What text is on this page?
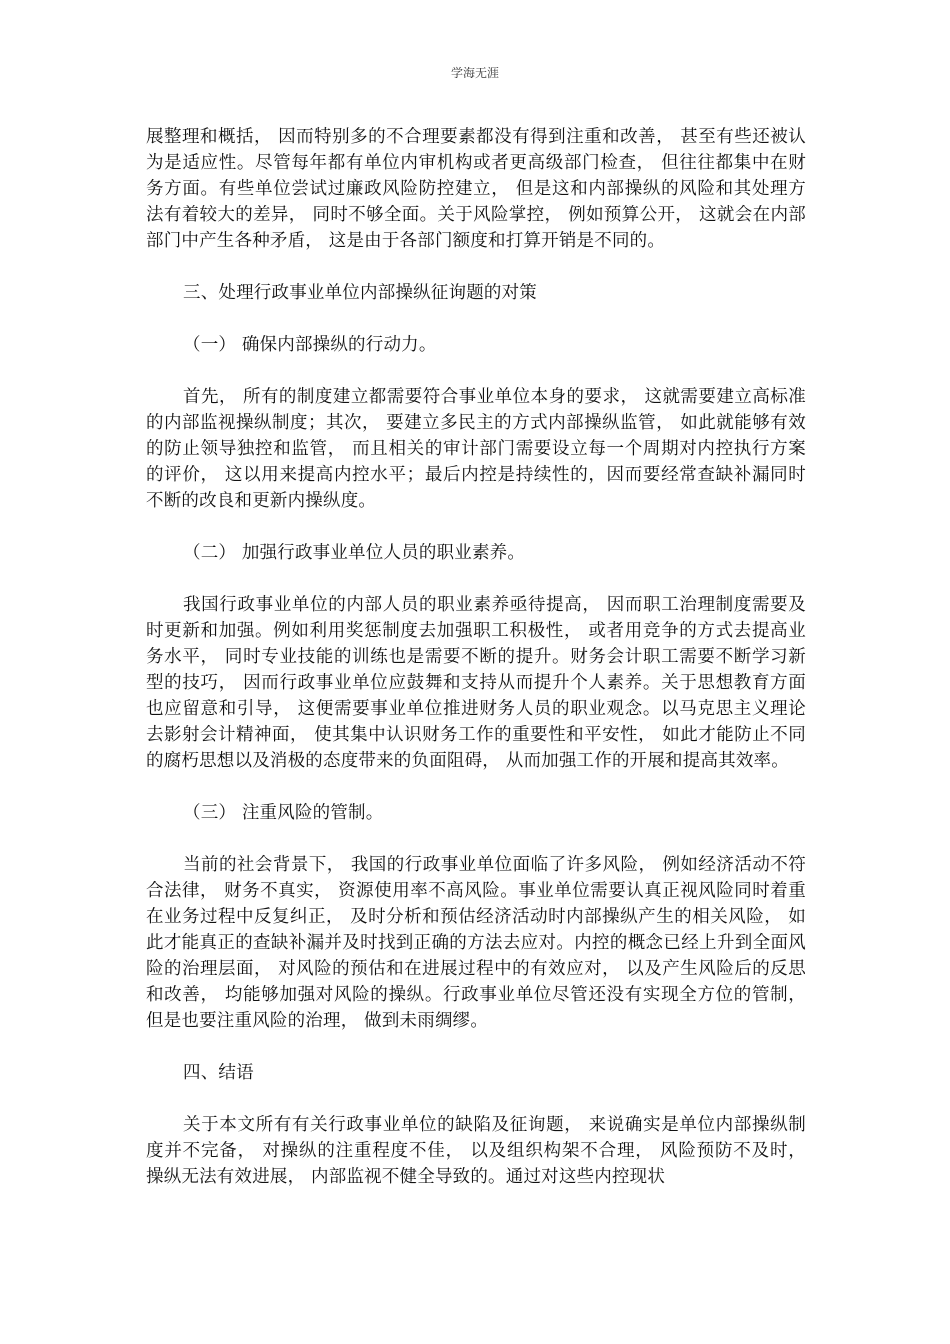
学海无涯

展整理和概括， 因而特别多的不合理要素都没有得到注重和改善， 甚至有些还被认为是适应性。尽管每年都有单位内审机构或者更高级部门检查， 但往往都集中在财务方面。有些单位尝试过廉政风险防控建立， 但是这和内部操纵的风险和其处理方法有着较大的差异， 同时不够全面。关于风险掌控， 例如预算公开， 这就会在内部部门中产生各种矛盾， 这是由于各部门额度和打算开销是不同的。

三、处理行政事业单位内部操纵征询题的对策

（一） 确保内部操纵的行动力。

首先， 所有的制度建立都需要符合事业单位本身的要求， 这就需要建立高标准的内部监视操纵制度；其次， 要建立多民主的方式内部操纵监管， 如此就能够有效的防止领导独控和监管， 而且相关的审计部门需要设立每一个周期对内控执行方案的评价， 这以用来提高内控水平；最后内控是持续性的，因而要经常查缺补漏同时不断的改良和更新内操纵度。

（二） 加强行政事业单位人员的职业素养。

我国行政事业单位的内部人员的职业素养亟待提高， 因而职工治理制度需要及时更新和加强。例如利用奖惩制度去加强职工积极性， 或者用竞争的方式去提高业务水平， 同时专业技能的训练也是需要不断的提升。财务会计职工需要不断学习新型的技巧， 因而行政事业单位应鼓舞和支持从而提升个人素养。关于思想教育方面也应留意和引导， 这便需要事业单位推进财务人员的职业观念。以马克思主义理论去影射会计精神面， 使其集中认识财务工作的重要性和平安性， 如此才能防止不同的腐朽思想以及消极的态度带来的负面阻碍， 从而加强工作的开展和提高其效率。

（三） 注重风险的管制。

当前的社会背景下， 我国的行政事业单位面临了许多风险， 例如经济活动不符合法律， 财务不真实， 资源使用率不高风险。事业单位需要认真正视风险同时着重在业务过程中反复纠正， 及时分析和预估经济活动时内部操纵产生的相关风险， 如此才能真正的查缺补漏并及时找到正确的方法去应对。内控的概念已经上升到全面风险的治理层面， 对风险的预估和在进展过程中的有效应对， 以及产生风险后的反思和改善， 均能够加强对风险的操纵。行政事业单位尽管还没有实现全方位的管制， 但是也要注重风险的治理， 做到未雨绸缪。

四、结语

关于本文所有有关行政事业单位的缺陷及征询题， 来说确实是单位内部操纵制度并不完备， 对操纵的注重程度不佳， 以及组织构架不合理， 风险预防不及时， 操纵无法有效进展， 内部监视不健全导致的。通过对这些内控现状
